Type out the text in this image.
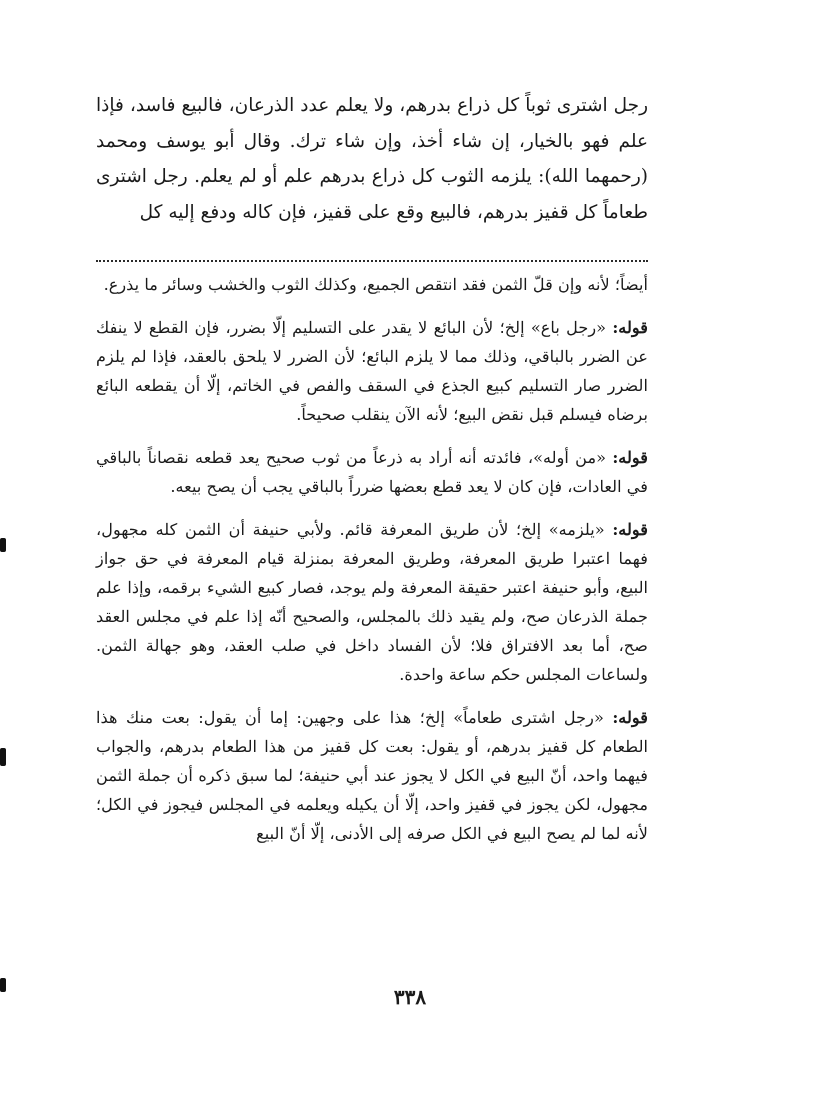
رجل اشترى ثوباً كل ذراع بدرهم، ولا يعلم عدد الذرعان، فالبيع فاسد، فإذا علم فهو بالخيار، إن شاء أخذ، وإن شاء ترك. وقال أبو يوسف ومحمد (رحمهما الله): يلزمه الثوب كل ذراع بدرهم علم أو لم يعلم. رجل اشترى طعاماً كل قفيز بدرهم، فالبيع وقع على قفيز، فإن كاله ودفع إليه كل

أيضاً؛ لأنه وإن قلّ الثمن فقد انتقص الجميع، وكذلك الثوب والخشب وسائر ما يذرع.

قوله: «رجل باع» إلخ؛ لأن البائع لا يقدر على التسليم إلّا بضرر، فإن القطع لا ينفك عن الضرر بالباقي، وذلك مما لا يلزم البائع؛ لأن الضرر لا يلحق بالعقد، فإذا لم يلزم الضرر صار التسليم كبيع الجذع في السقف والفص في الخاتم، إلّا أن يقطعه البائع برضاه فيسلم قبل نقض البيع؛ لأنه الآن ينقلب صحيحاً.

قوله: «من أوله»، فائدته أنه أراد به ذرعاً من ثوب صحيح يعد قطعه نقصاناً بالباقي في العادات، فإن كان لا يعد قطع بعضها ضرراً بالباقي يجب أن يصح بيعه.

قوله: «يلزمه» إلخ؛ لأن طريق المعرفة قائم. ولأبي حنيفة أن الثمن كله مجهول، فهما اعتبرا طريق المعرفة، وطريق المعرفة بمنزلة قيام المعرفة في حق جواز البيع، وأبو حنيفة اعتبر حقيقة المعرفة ولم يوجد، فصار كبيع الشيء برقمه، وإذا علم جملة الذرعان صح، ولم يقيد ذلك بالمجلس، والصحيح أنّه إذا علم في مجلس العقد صح، أما بعد الافتراق فلا؛ لأن الفساد داخل في صلب العقد، وهو جهالة الثمن. ولساعات المجلس حكم ساعة واحدة.

قوله: «رجل اشترى طعاماً» إلخ؛ هذا على وجهين: إما أن يقول: بعت منك هذا الطعام كل قفيز بدرهم، أو يقول: بعت كل قفيز من هذا الطعام بدرهم، والجواب فيهما واحد، أنّ البيع في الكل لا يجوز عند أبي حنيفة؛ لما سبق ذكره أن جملة الثمن مجهول، لكن يجوز في قفيز واحد، إلّا أن يكيله ويعلمه في المجلس فيجوز في الكل؛ لأنه لما لم يصح البيع في الكل صرفه إلى الأدنى، إلّا أنّ البيع

٣٣٨
